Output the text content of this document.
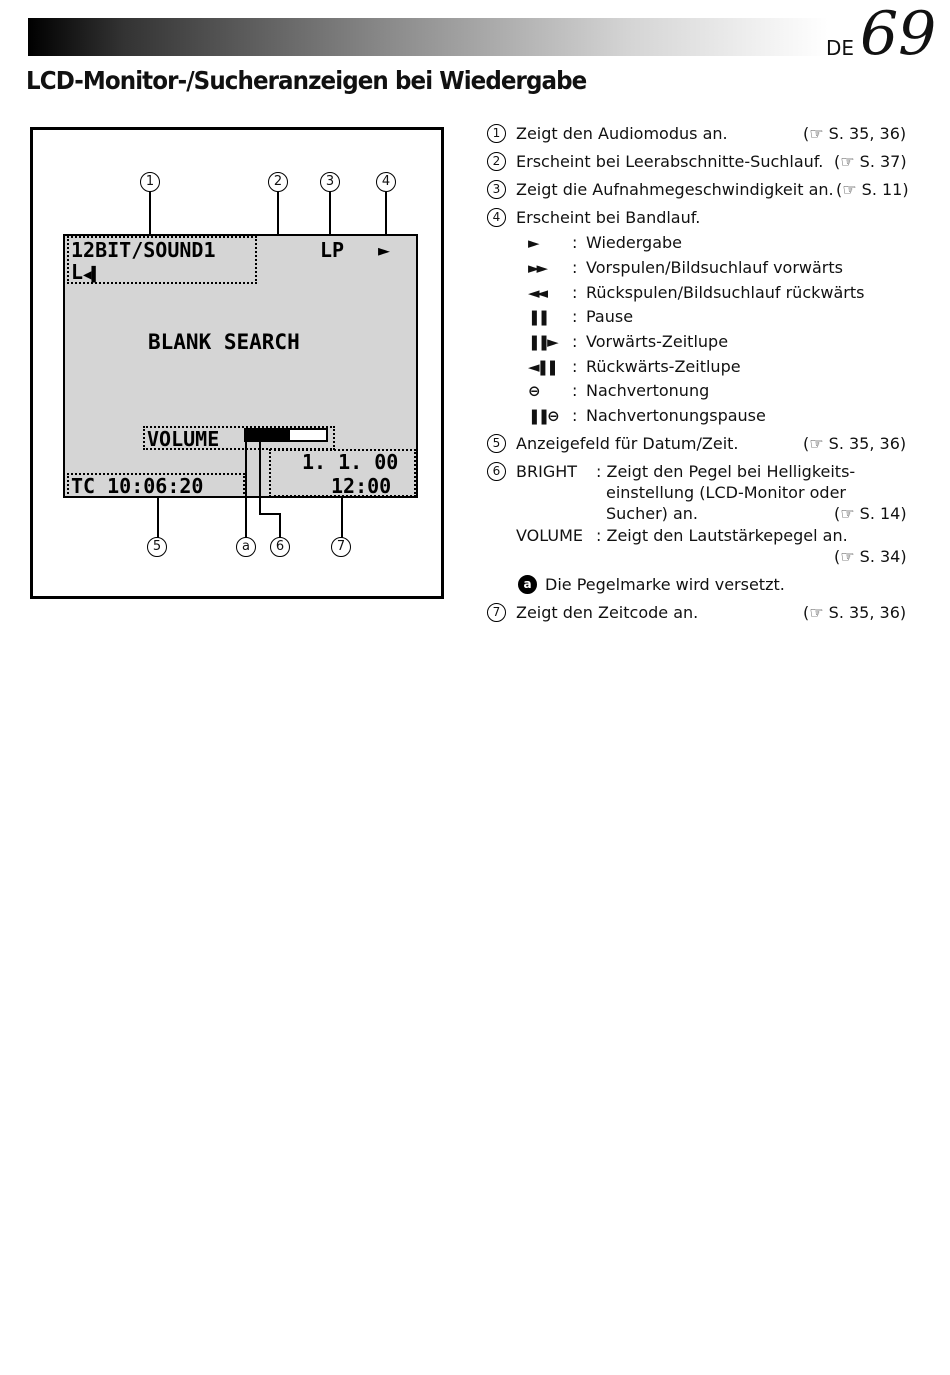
DE 69
LCD-Monitor-/Sucheranzeigen bei Wiedergabe
1	2	3	4
12BIT/SOUND1
L◀▌
LP ►
BLANK SEARCH
VOLUME
1. 1. 00
12:00
TC 10:06:20
5	a	6	7
1 Zeigt den Audiomodus an.	(☞ S. 35, 36)
2 Erscheint bei Leerabschnitte-Suchlauf. (☞ S. 37)
3 Zeigt die Aufnahmegeschwindigkeit an. (☞ S. 11)
4 Erscheint bei Bandlauf.
► : Wiedergabe
►► : Vorspulen/Bildsuchlauf vorwärts
◄◄ : Rückspulen/Bildsuchlauf rückwärts
❚❚ : Pause
❚❚► : Vorwärts-Zeitlupe
◄❚❚ : Rückwärts-Zeitlupe
⊖ : Nachvertonung
❚❚⊖ : Nachvertonungspause
5 Anzeigefeld für Datum/Zeit.	(☞ S. 35, 36)
6 BRIGHT : Zeigt den Pegel bei Helligkeits-
einstellung (LCD-Monitor oder
Sucher) an.	(☞ S. 14)
VOLUME : Zeigt den Lautstärkepegel an.
(☞ S. 34)
a Die Pegelmarke wird versetzt.
7 Zeigt den Zeitcode an.	(☞ S. 35, 36)
